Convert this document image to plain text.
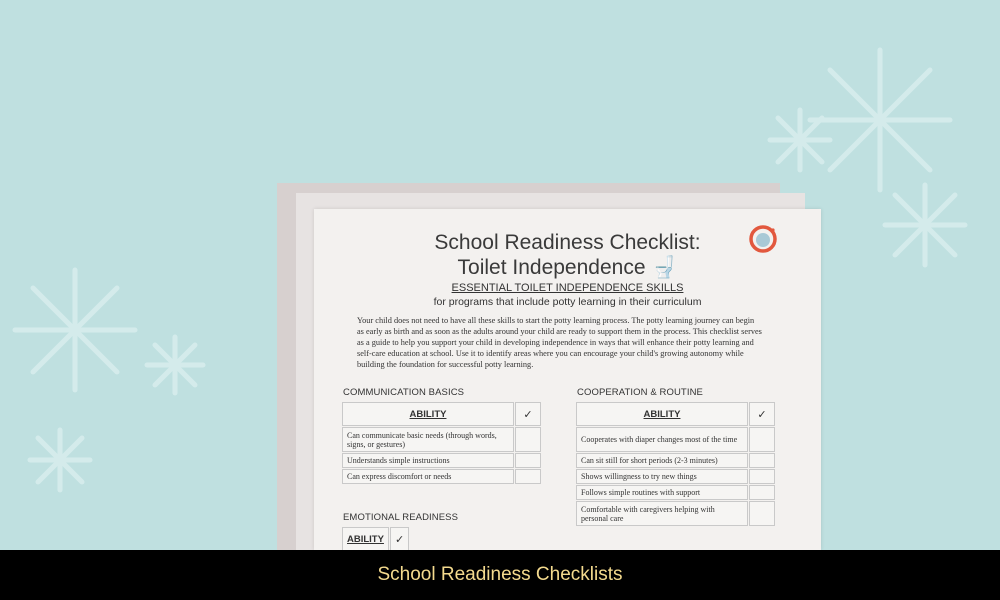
School Readiness Checklist:
Toilet Independence 🚽
ESSENTIAL TOILET INDEPENDENCE SKILLS
for programs that include potty learning in their curriculum

Your child does not need to have all these skills to start the potty learning process. The potty learning journey can begin as early as birth and as soon as the adults around your child are ready to support them in the process. This checklist serves as a guide to help you support your child in developing independence in ways that will enhance their potty learning and self-care education at school. Use it to identify areas where you can encourage your child's growing autonomy while building the foundation for successful potty learning.

COMMUNICATION BASICS
ABILITY	✓
Can communicate basic needs (through words, signs, or gestures)	
Understands simple instructions	
Can express discomfort or needs	
EMOTIONAL READINESS
ABILITY	✓
COOPERATION & ROUTINE
ABILITY	✓
Cooperates with diaper changes most of the time	
Can sit still for short periods (2-3 minutes)	
Shows willingness to try new things	
Follows simple routines with support	
Comfortable with caregivers helping with personal care	
School Readiness Checklists
